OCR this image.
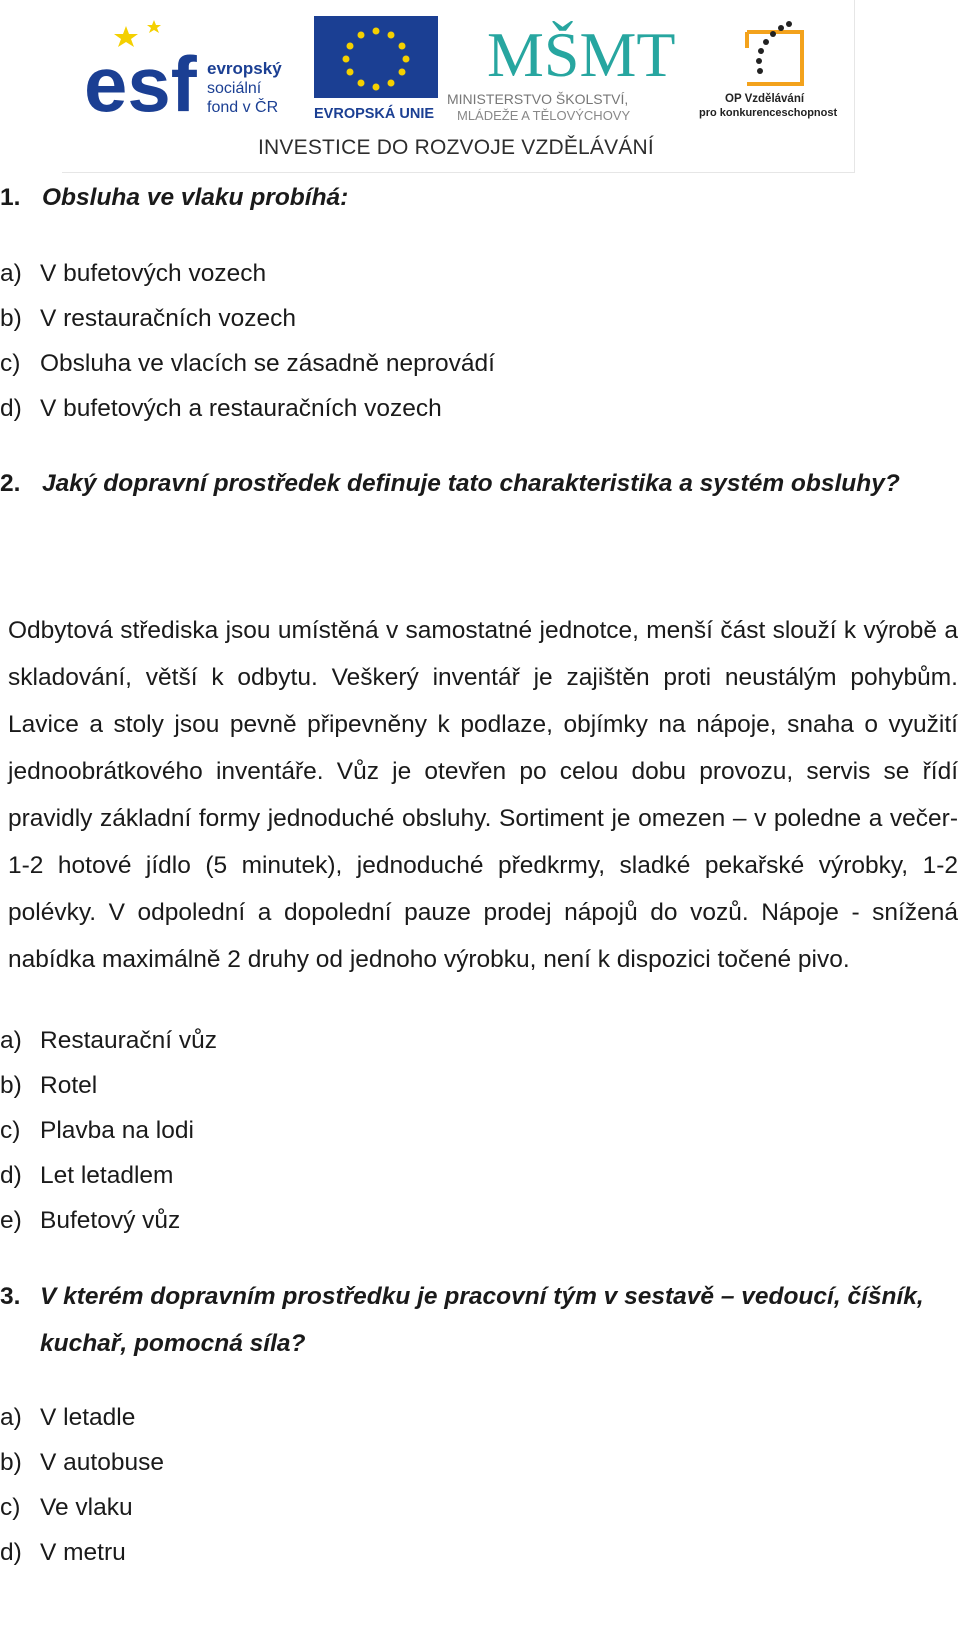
esf evropský
sociální
fond v ČR EVROPSKÁ UNIE
MŠMT
MINISTERSTVO ŠKOLSTVÍ,
MLÁDEŽE A TĚLOVÝCHOVY
OP Vzdělávání
pro konkurenceschopnost
INVESTICE DO ROZVOJE VZDĚLÁVÁNÍ
1. Obsluha ve vlaku probíhá:
a) V bufetových vozech
b) V restauračních vozech
c) Obsluha ve vlacích se zásadně neprovádí
d) V bufetových a restauračních vozech
2. Jaký dopravní prostředek definuje tato charakteristika a systém obsluhy?
Odbytová střediska jsou umístěná v samostatné jednotce, menší část slouží k výrobě a skladování, větší k odbytu. Veškerý inventář je zajištěn proti neustálým pohybům. Lavice a stoly jsou pevně připevněny k podlaze, objímky na nápoje, snaha o využití jednoobrátkového inventáře. Vůz je otevřen po celou dobu provozu, servis se řídí pravidly základní formy jednoduché obsluhy. Sortiment je omezen – v poledne a večer- 1-2 hotové jídlo (5 minutek), jednoduché předkrmy, sladké pekařské výrobky, 1-2 polévky. V odpolední a dopolední pauze prodej nápojů do vozů. Nápoje - snížená nabídka maximálně 2 druhy od jednoho výrobku, není k dispozici točené pivo.
a) Restaurační vůz
b) Rotel
c) Plavba na lodi
d) Let letadlem
e) Bufetový vůz
3. V kterém dopravním prostředku je pracovní tým v sestavě – vedoucí, číšník, kuchař, pomocná síla?
a) V letadle
b) V autobuse
c) Ve vlaku
d) V metru
